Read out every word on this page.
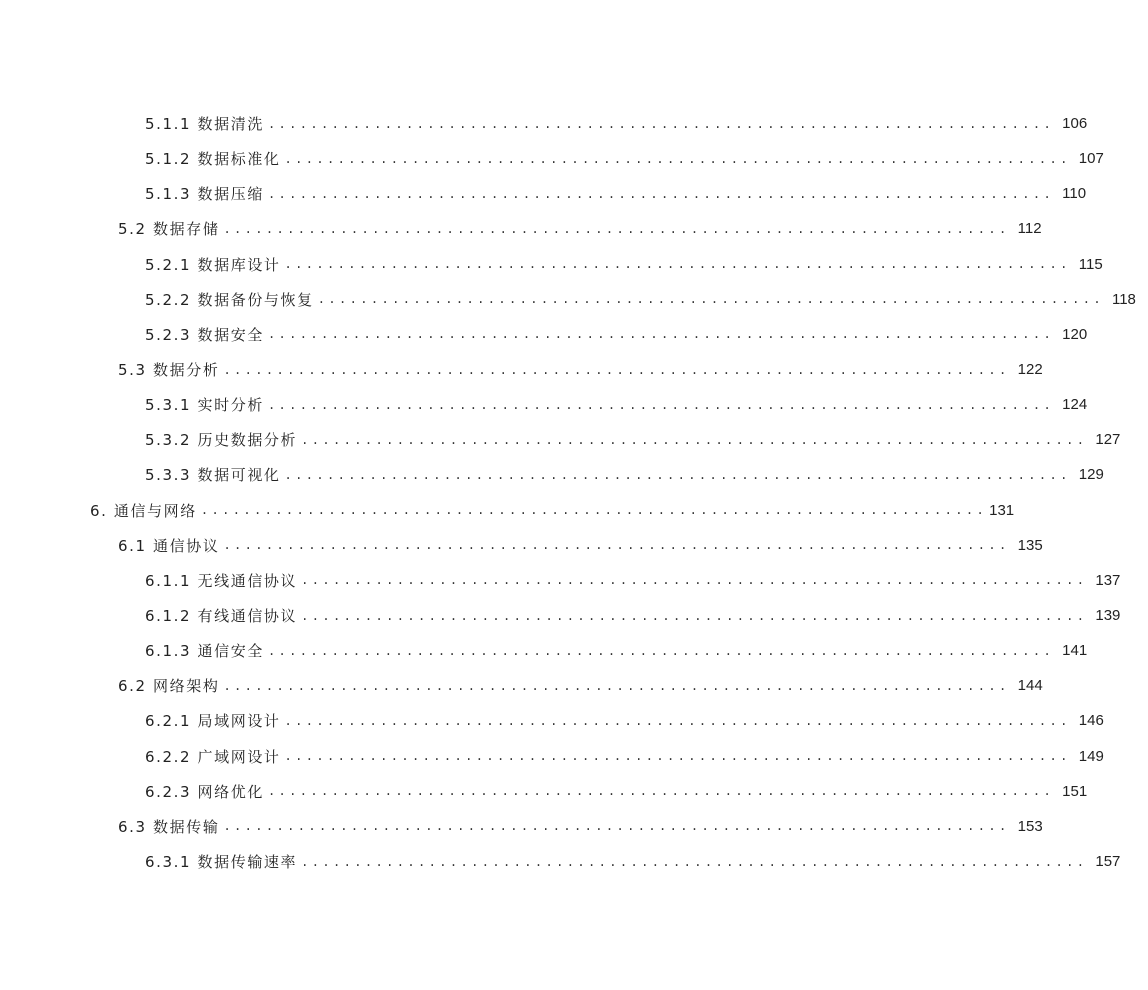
5.1.1 数据清洗 .......................................................................... 106
5.1.2 数据标准化 .......................................................................... 107
5.1.3 数据压缩 .......................................................................... 110
5.2 数据存储 .......................................................................... 112
5.2.1 数据库设计 .......................................................................... 115
5.2.2 数据备份与恢复 .......................................................................... 118
5.2.3 数据安全 .......................................................................... 120
5.3 数据分析 .......................................................................... 122
5.3.1 实时分析 .......................................................................... 124
5.3.2 历史数据分析 .......................................................................... 127
5.3.3 数据可视化 .......................................................................... 129
6. 通信与网络 .......................................................................... 131
6.1 通信协议 .......................................................................... 135
6.1.1 无线通信协议 .......................................................................... 137
6.1.2 有线通信协议 .......................................................................... 139
6.1.3 通信安全 .......................................................................... 141
6.2 网络架构 .......................................................................... 144
6.2.1 局域网设计 .......................................................................... 146
6.2.2 广域网设计 .......................................................................... 149
6.2.3 网络优化 .......................................................................... 151
6.3 数据传输 .......................................................................... 153
6.3.1 数据传输速率 .......................................................................... 157
